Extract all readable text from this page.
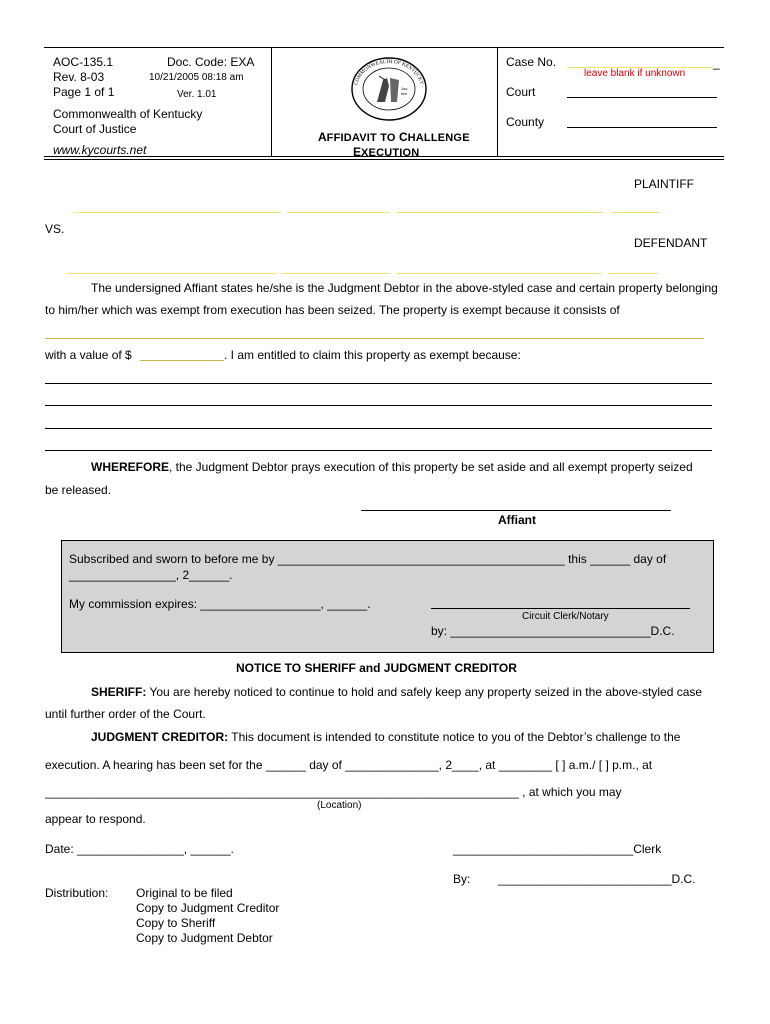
AOC-135.1
Rev. 8-03
Page 1 of 1
Doc. Code: EXA
10/21/2005 08:18 am
Ver. 1.01
Commonwealth of Kentucky
Court of Justice
www.kycourts.net
Jus-
tice
COMMONWEALTH OF KENTUCKY ·
AFFIDAVIT TO CHALLENGE
EXECUTION
Case No.	_
leave blank if unknown
Court
County
PLAINTIFF
VS.
DEFENDANT
The undersigned Affiant states he/she is the Judgment Debtor in the above-styled case and certain property belonging
to him/her which was exempt from execution has been seized. The property is exempt because it consists of
with a value of $	. I am entitled to claim this property as exempt because:
WHEREFORE, the Judgment Debtor prays execution of this property be set aside and all exempt property seized
be released.
Affiant
Subscribed and sworn to before me by ___________________________________________ this ______ day of
________________, 2______.
My commission expires: __________________, ______.
Circuit Clerk/Notary
by: ______________________________D.C.
NOTICE TO SHERIFF and JUDGMENT CREDITOR
SHERIFF: You are hereby noticed to continue to hold and safely keep any property seized in the above-styled case
until further order of the Court.
JUDGMENT CREDITOR: This document is intended to constitute notice to you of the Debtor’s challenge to the
execution. A hearing has been set for the ______ day of ______________, 2____, at ________ [ ] a.m./ [ ] p.m., at
_______________________________________________________________________ , at which you may
(Location)
appear to respond.
Date: ________________, ______.	___________________________Clerk
By: __________________________D.C.
Distribution: Original to be filed
Copy to Judgment Creditor
Copy to Sheriff
Copy to Judgment Debtor
